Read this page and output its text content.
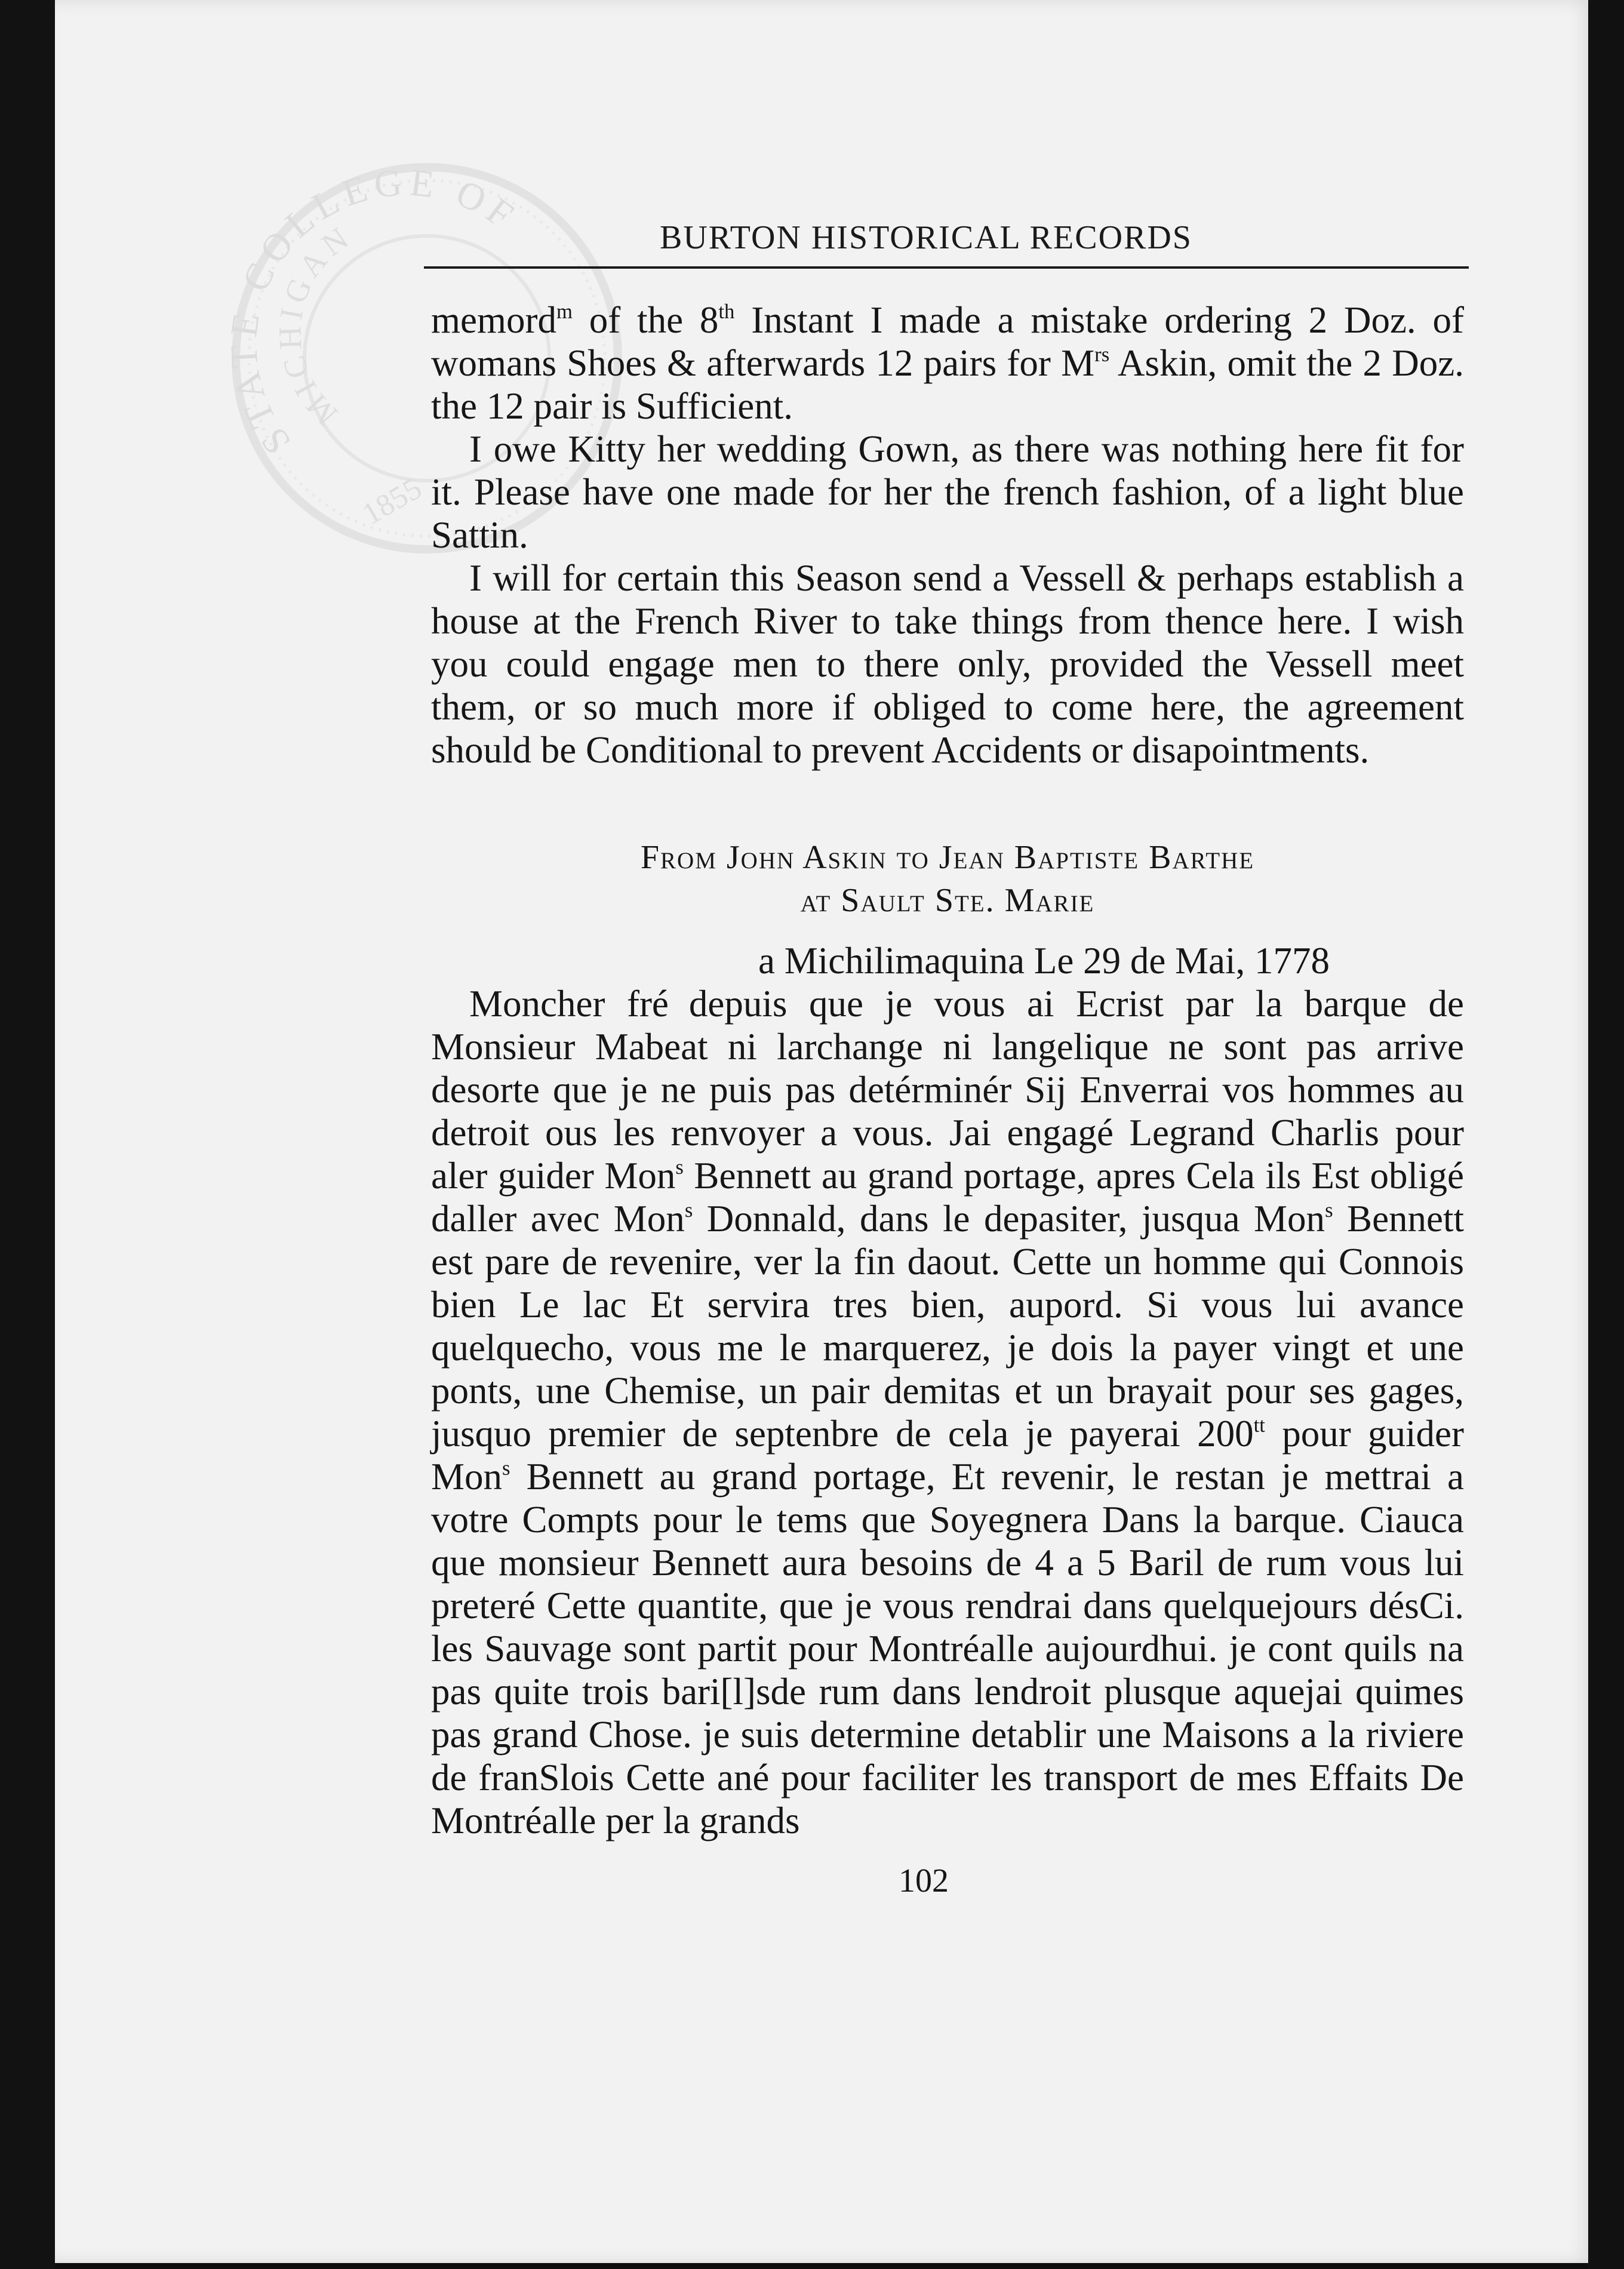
STATE COLLEGE OF
MICHIGAN
1855
BURTON HISTORICAL RECORDS

memord$^m$ of the 8th Instant I made a mistake ordering 2 Doz. of womans Shoes & afterwards 12 pairs for $M^{rs}$ Askin, omit the 2 Doz. the 12 pair is Sufficient.

I owe Kitty her wedding Gown, as there was nothing here fit for it. Please have one made for her the french fashion, of a light blue Sattin.

I will for certain this Season send a Vessell & perhaps establish a house at the French River to take things from thence here. I wish you could engage men to there only, provided the Vessell meet them, or so much more if obliged to come here, the agreement should be Conditional to prevent Accidents or disapointments.

From John Askin to Jean Baptiste Barthe
at Sault Ste. Marie
a Michilimaquina Le 29 de Mai, 1778

Moncher fré depuis que je vous ai Ecrist par la barque de Monsieur Mabeat ni larchange ni langelique ne sont pas arrive desorte que je ne puis pas detérminér Sij Enverrai vos hommes au detroit ous les renvoyer a vous. Jai engagé Legrand Charlis pour aler guider Mon$^s$ Bennett au grand portage, apres Cela ils Est obligé daller avec Mon$^s$ Donnald, dans le depasiter, jusqua Mon$^s$ Bennett est pare de revenire, ver la fin daout. Cette un homme qui Connois bien Le lac Et servira tres bien, aupord. Si vous lui avance quelquecho, vous me le marquerez, je dois la payer vingt et une ponts, une Chemise, un pair demitas et un brayait pour ses gages, jusquo premier de septenbre de cela je payerai $200^{tt}$ pour guider Mon$^s$ Bennett au grand portage, Et revenir, le restan je mettrai a votre Compts pour le tems que Soyegnera Dans la barque. Ciauca que monsieur Bennett aura besoins de 4 a 5 Baril de rum vous lui preteré Cette quantite, que je vous rendrai dans quelquejours désCi. les Sauvage sont partit pour Montréalle aujourdhui. je cont quils na pas quite trois bari[l]sde rum dans lendroit plusque aquejai quimes pas grand Chose. je suis determine detablir une Maisons a la riviere de franSlois Cette ané pour faciliter les transport de mes Effaits De Montréalle per la grands

102
